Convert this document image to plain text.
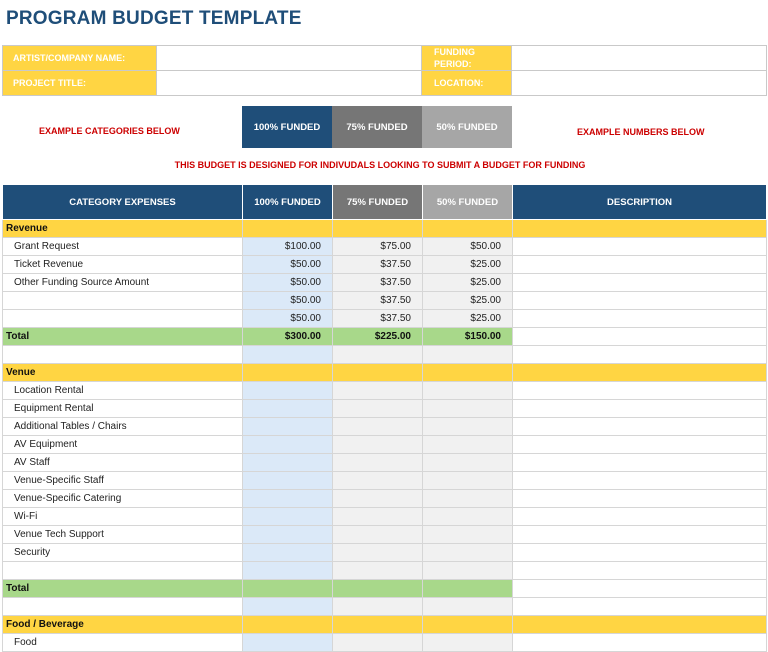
PROGRAM BUDGET TEMPLATE
ARTIST/COMPANY NAME:		FUNDING PERIOD:	
PROJECT TITLE:		LOCATION:	
EXAMPLE CATEGORIES BELOW	100% FUNDED	75% FUNDED	50% FUNDED	EXAMPLE NUMBERS BELOW
THIS BUDGET IS DESIGNED FOR INDIVUDALS LOOKING TO SUBMIT A BUDGET FOR FUNDING
CATEGORY EXPENSES	100% FUNDED	75% FUNDED	50% FUNDED	DESCRIPTION
Revenue				
Grant Request	$100.00	$75.00	$50.00	
Ticket Revenue	$50.00	$37.50	$25.00	
Other Funding Source Amount	$50.00	$37.50	$25.00	
	$50.00	$37.50	$25.00	
	$50.00	$37.50	$25.00	
Total	$300.00	$225.00	$150.00	

Venue				
Location Rental				
Equipment Rental				
Additional Tables / Chairs				
AV Equipment				
AV Staff				
Venue-Specific Staff				
Venue-Specific Catering				
Wi-Fi				
Venue Tech Support				
Security				

Total				

Food / Beverage				
Food				
